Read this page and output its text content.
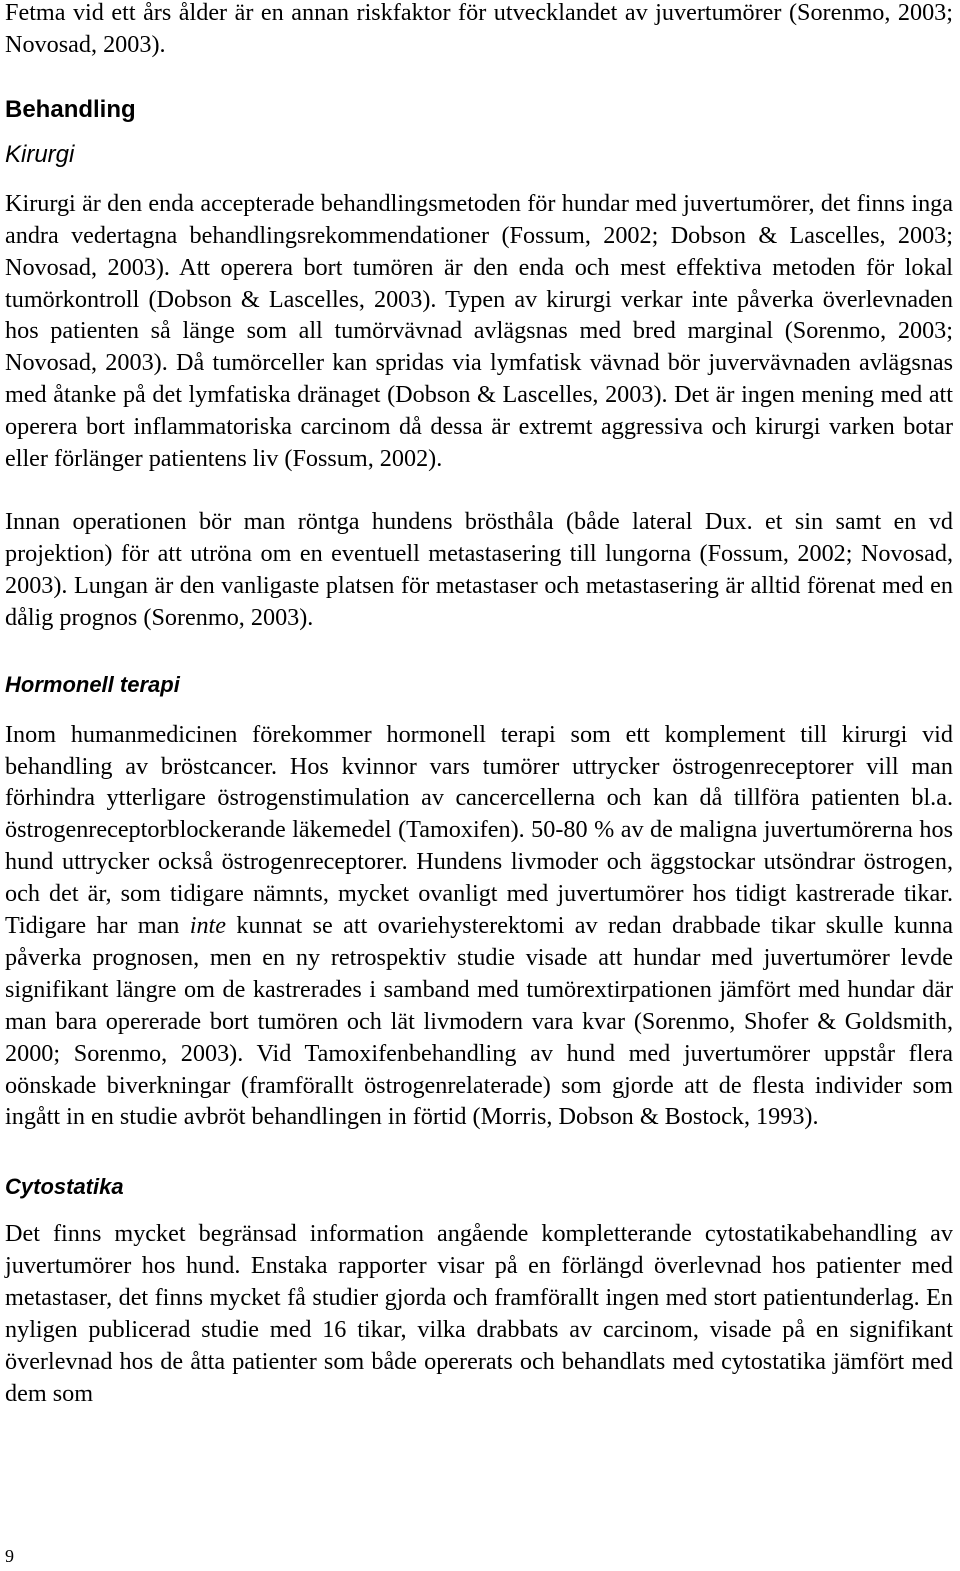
Fetma vid ett års ålder är en annan riskfaktor för utvecklandet av juvertumörer (Sorenmo, 2003; Novosad, 2003).

Behandling
Kirurgi

Kirurgi är den enda accepterade behandlingsmetoden för hundar med juvertumörer, det finns inga andra vedertagna behandlingsrekommendationer (Fossum, 2002; Dobson & Lascelles, 2003; Novosad, 2003). Att operera bort tumören är den enda och mest effektiva metoden för lokal tumörkontroll (Dobson & Lascelles, 2003). Typen av kirurgi verkar inte påverka överlevnaden hos patienten så länge som all tumörvävnad avlägsnas med bred marginal (Sorenmo, 2003; Novosad, 2003). Då tumörceller kan spridas via lymfatisk vävnad bör juvervävnaden avlägsnas med åtanke på det lymfatiska dränaget (Dobson & Lascelles, 2003). Det är ingen mening med att operera bort inflammatoriska carcinom då dessa är extremt aggressiva och kirurgi varken botar eller förlänger patientens liv (Fossum, 2002).

Innan operationen bör man röntga hundens brösthåla (både lateral Dux. et sin samt en vd projektion) för att utröna om en eventuell metastasering till lungorna (Fossum, 2002; Novosad, 2003). Lungan är den vanligaste platsen för metastaser och metastasering är alltid förenat med en dålig prognos (Sorenmo, 2003).

Hormonell terapi

Inom humanmedicinen förekommer hormonell terapi som ett komplement till kirurgi vid behandling av bröstcancer. Hos kvinnor vars tumörer uttrycker östrogenreceptorer vill man förhindra ytterligare östrogenstimulation av cancercellerna och kan då tillföra patienten bl.a. östrogenreceptorblockerande läkemedel (Tamoxifen). 50-80 % av de maligna juvertumörerna hos hund uttrycker också östrogenreceptorer. Hundens livmoder och äggstockar utsöndrar östrogen, och det är, som tidigare nämnts, mycket ovanligt med juvertumörer hos tidigt kastrerade tikar. Tidigare har man inte kunnat se att ovariehysterektomi av redan drabbade tikar skulle kunna påverka prognosen, men en ny retrospektiv studie visade att hundar med juvertumörer levde signifikant längre om de kastrerades i samband med tumörextirpationen jämfört med hundar där man bara opererade bort tumören och lät livmodern vara kvar (Sorenmo, Shofer & Goldsmith, 2000; Sorenmo, 2003). Vid Tamoxifenbehandling av hund med juvertumörer uppstår flera oönskade biverkningar (framförallt östrogenrelaterade) som gjorde att de flesta individer som ingått in en studie avbröt behandlingen in förtid (Morris, Dobson & Bostock, 1993).

Cytostatika

Det finns mycket begränsad information angående kompletterande cytostatikabehandling av juvertumörer hos hund. Enstaka rapporter visar på en förlängd överlevnad hos patienter med metastaser, det finns mycket få studier gjorda och framförallt ingen med stort patientunderlag. En nyligen publicerad studie med 16 tikar, vilka drabbats av carcinom, visade på en signifikant överlevnad hos de åtta patienter som både opererats och behandlats med cytostatika jämfört med dem som

9
